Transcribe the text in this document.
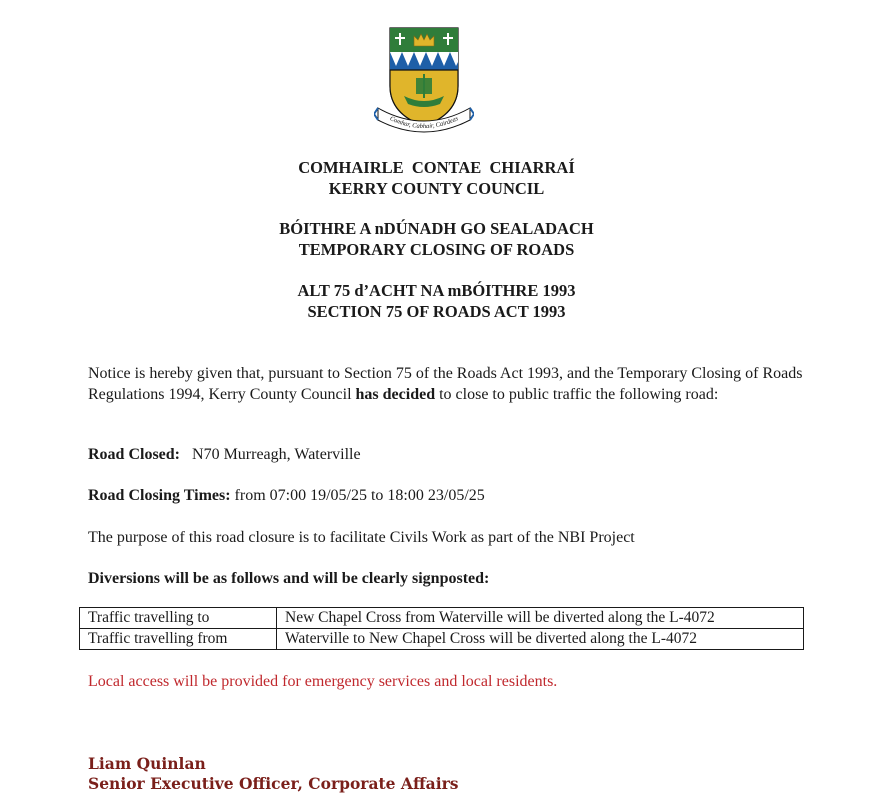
Comhar, Cabhair, Cairdeas
COMHAIRLE  CONTAE  CHIARRAÍ
KERRY COUNTY COUNCIL
BÓITHRE A nDÚNADH GO SEALADACH
TEMPORARY CLOSING OF ROADS
ALT 75 d’ACHT NA mBÓITHRE 1993
SECTION 75 OF ROADS ACT 1993
Notice is hereby given that, pursuant to Section 75 of the Roads Act 1993, and the Temporary Closing of Roads Regulations 1994, Kerry County Council has decided to close to public traffic the following road:
Road Closed: N70 Murreagh, Waterville
Road Closing Times: from 07:00 19/05/25 to 18:00 23/05/25
The purpose of this road closure is to facilitate Civils Work as part of the NBI Project
Diversions will be as follows and will be clearly signposted:
Traffic travelling to	New Chapel Cross from Waterville will be diverted along the L-4072
Traffic travelling from	Waterville to New Chapel Cross will be diverted along the L-4072
Local access will be provided for emergency services and local residents.
Liam Quinlan
Senior Executive Officer, Corporate Affairs
